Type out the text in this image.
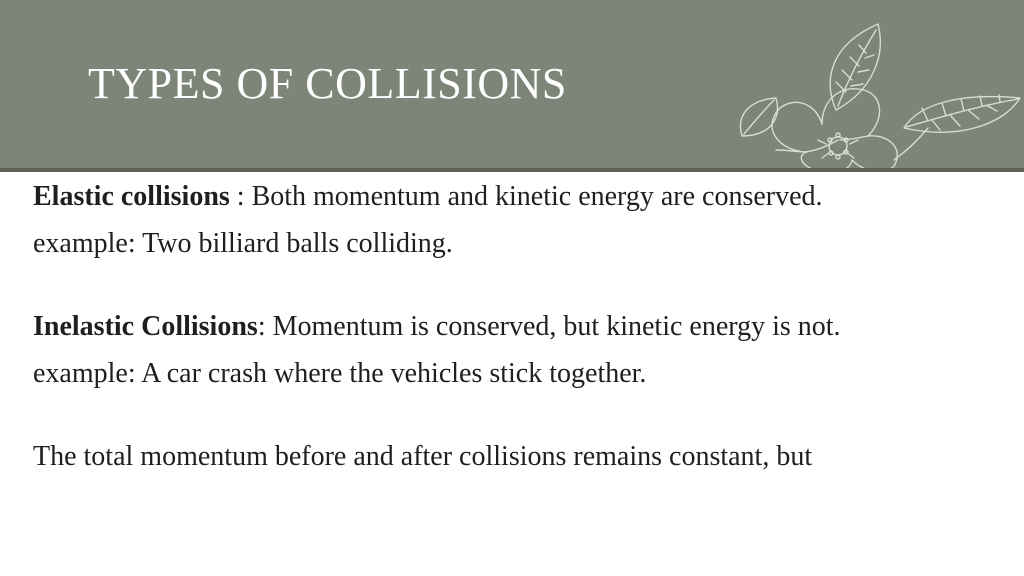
TYPES OF COLLISIONS

Elastic collisions : Both momentum and kinetic energy are conserved.

example: Two billiard balls colliding.

Inelastic Collisions: Momentum is conserved, but kinetic energy is not.

example: A car crash where the vehicles stick together.

The total momentum before and after collisions remains constant, but
